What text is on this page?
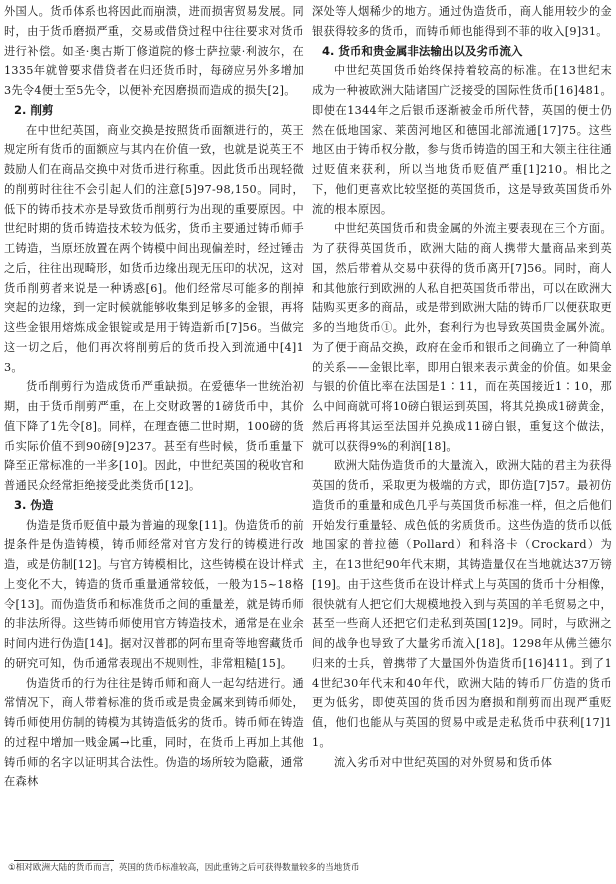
外国人。货币体系也将因此而崩溃，进而损害贸易发展。同时，由于货币磨损严重，交易或借贷过程中往往要求对货币进行补偿。如圣·奥古斯丁修道院的修士萨拉蒙·利波尔，在1335年就曾要求借贷者在归还货币时，每磅应另外多增加3先令4便士至5先令，以便补充因磨损而造成的损失[2]。

2. 削剪

在中世纪英国，商业交换是按照货币面额进行的，英王规定所有货币的面额应与其内在价值一致，也就是说英王不鼓励人们在商品交换中对货币进行称重。因此货币出现轻微的削剪时往往不会引起人们的注意[5]97-98,150。同时，低下的铸币技术亦是导致货币削剪行为出现的重要原因。中世纪时期的货币铸造技术较为低劣，货币主要通过铸币师手工铸造，当原坯放置在两个铸模中间出现偏差时，经过锤击之后，往往出现畸形，如货币边缘出现无压印的状况，这对货币削剪者来说是一种诱惑[6]。他们经常尽可能多的削掉突起的边缘，到一定时候就能够收集到足够多的金银，再将这些金银用熔炼成金银锭或是用于铸造新币[7]56。当做完这一切之后，他们再次将削剪后的货币投入到流通中[4]13。

货币削剪行为造成货币严重缺损。在爱德华一世统治初期，由于货币削剪严重，在上交财政署的1磅货币中，其价值下降了1先令[8]。同样，在理查德二世时期，100磅的货币实际价值不到90磅[9]237。甚至有些时候，货币重量下降至正常标准的一半多[10]。因此，中世纪英国的税收官和普通民众经常拒绝接受此类货币[12]。

3. 伪造

伪造是货币贬值中最为普遍的现象[11]。伪造货币的前提条件是伪造铸模，铸币师经常对官方发行的铸模进行改造，或是仿制[12]。与官方铸模相比，这些铸模在设计样式上变化不大，铸造的货币重量通常较低，一般为15~18格令[13]。而伪造货币和标准货币之间的重量差，就是铸币师的非法所得。这些铸币师使用官方铸造技术，通常是在业余时间内进行伪造[14]。据对汉普郡的阿布里奇等地窖藏货币的研究可知，伪币通常表现出不规则性，非常粗糙[15]。

伪造货币的行为往往是铸币师和商人一起勾结进行。通常情况下，商人带着标准的货币或是贵金属来到铸币师处，铸币师使用仿制的铸模为其铸造低劣的货币。铸币师在铸造的过程中增加一贱金属→比重，同时，在货币上再加上其他铸币师的名字以证明其合法性。伪造的场所较为隐蔽，通常在森林

深处等人烟稀少的地方。通过伪造货币，商人能用较少的金银获得较多的货币，而铸币师也能得到不菲的收入[9]31。

4. 货币和贵金属非法输出以及劣币流入

中世纪英国货币始终保持着较高的标准。在13世纪末成为一种被欧洲大陆诸国广泛接受的国际性货币[16]481。即使在1344年之后银币逐渐被金币所代替，英国的便士仍然在低地国家、莱茵河地区和德国北部流通[17]75。这些地区由于铸币权分散，参与货币铸造的国王和大领主往往通过贬值来获利，所以当地货币贬值严重[1]210。相比之下，他们更喜欢比较坚挺的英国货币，这是导致英国货币外流的根本原因。

中世纪英国货币和贵金属的外流主要表现在三个方面。为了获得英国货币，欧洲大陆的商人携带大量商品来到英国，然后带着从交易中获得的货币离开[7]56。同时，商人和其他旅行到欧洲的人私自把英国货币带出，可以在欧洲大陆购买更多的商品，或是带到欧洲大陆的铸币厂以便获取更多的当地货币①。此外，套利行为也导致英国贵金属外流。为了便于商品交换，政府在金币和银币之间确立了一种简单的关系——金银比率，即用白银来表示黄金的价值。如果金与银的价值比率在法国是1∶11，而在英国接近1∶10，那么中间商就可将10磅白银运到英国，将其兑换成1磅黄金，然后再将其运至法国并兑换成11磅白银，重复这个做法，就可以获得9%的利润[18]。

欧洲大陆伪造货币的大量流入，欧洲大陆的君主为获得英国的货币，采取更为极端的方式，即仿造[7]57。最初仿造货币的重量和成色几乎与英国货币标准一样，但之后他们开始发行重量轻、成色低的劣质货币。这些伪造的货币以低地国家的普拉德（Pollard）和科洛卡（Crockard）为主，在13世纪90年代末期，其铸造量仅在当地就达37万镑[19]。由于这些货币在设计样式上与英国的货币十分相像，很快就有人把它们大规模地投入到与英国的羊毛贸易之中，甚至一些商人还把它们走私到英国[12]9。同时，与欧洲之间的战争也导致了大量劣币流入[18]。1298年从佛兰德尔归来的士兵，曾携带了大量国外伪造货币[16]411。到了14世纪30年代末和40年代，欧洲大陆的铸币厂仿造的货币更为低劣，即使英国的货币因为磨损和削剪而出现严重贬值，他们也能从与英国的贸易中或是走私货币中获利[17]11。

流入劣币对中世纪英国的对外贸易和货币体

①相对欧洲大陆的货币而言，英国的货币标准较高，因此重铸之后可获得数量较多的当地货币
